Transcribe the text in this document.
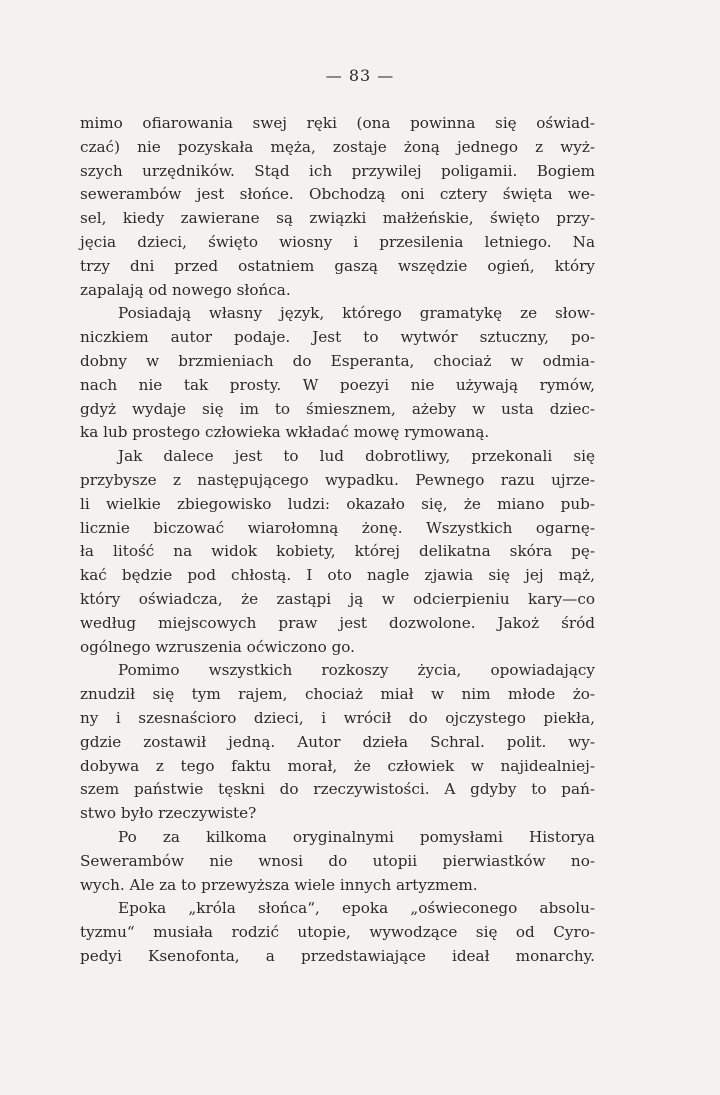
— 83 —
mimo ofiarowania swej ręki (ona powinna się oświad-
czać) nie pozyskała męża, zostaje żoną jednego z wyż-
szych urzędników. Stąd ich przywilej poligamii. Bogiem
sewerambów jest słońce. Obchodzą oni cztery święta we-
sel, kiedy zawierane są związki małżeńskie, święto przy-
jęcia dzieci, święto wiosny i przesilenia letniego. Na
trzy dni przed ostatniem gaszą wszędzie ogień, który
zapalają od nowego słońca.
Posiadają własny język, którego gramatykę ze słow-
niczkiem autor podaje. Jest to wytwór sztuczny, po-
dobny w brzmieniach do Esperanta, chociaż w odmia-
nach nie tak prosty. W poezyi nie używają rymów,
gdyż wydaje się im to śmiesznem, ażeby w usta dziec-
ka lub prostego człowieka wkładać mowę rymowaną.
Jak dalece jest to lud dobrotliwy, przekonali się
przybysze z następującego wypadku. Pewnego razu ujrze-
li wielkie zbiegowisko ludzi: okazało się, że miano pub-
licznie biczować wiarołomną żonę. Wszystkich ogarnę-
ła litość na widok kobiety, której delikatna skóra pę-
kać będzie pod chłostą. I oto nagle zjawia się jej mąż,
który oświadcza, że zastąpi ją w odcierpieniu kary—co
według miejscowych praw jest dozwolone. Jakoż śród
ogólnego wzruszenia oćwiczono go.
Pomimo wszystkich rozkoszy życia, opowiadający
znudził się tym rajem, chociaż miał w nim młode żo-
ny i szesnaścioro dzieci, i wrócił do ojczystego piekła,
gdzie zostawił jedną. Autor dzieła Schral. polit. wy-
dobywa z tego faktu morał, że człowiek w najidealniej-
szem państwie tęskni do rzeczywistości. A gdyby to pań-
stwo było rzeczywiste?
Po za kilkoma oryginalnymi pomysłami Historya
Sewerambów nie wnosi do utopii pierwiastków no-
wych. Ale za to przewyższa wiele innych artyzmem.
Epoka „króla słońca“, epoka „oświeconego absolu-
tyzmu“ musiała rodzić utopie, wywodzące się od Cyro-
pedyi Ksenofonta, a przedstawiające ideał monarchy.
